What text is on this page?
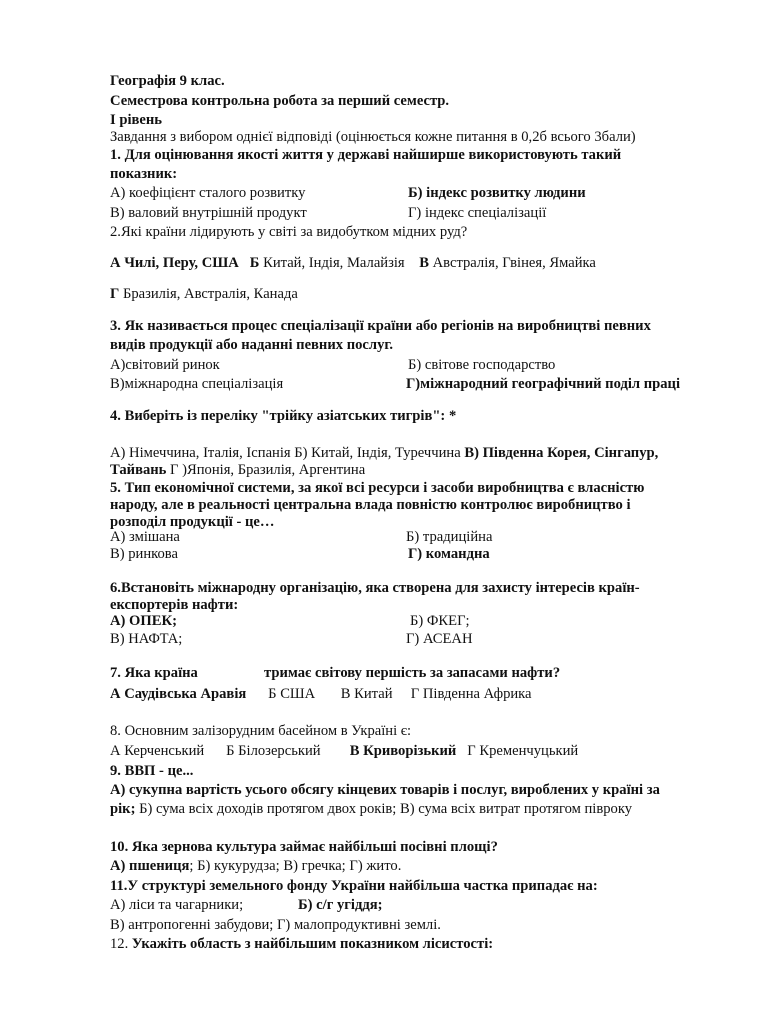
Географія 9 клас.
Семестрова контрольна робота за перший семестр.
І рівень
Завдання з вибором однієї відповіді (оцінюється кожне питання в 0,2б всього 3бали)
1. Для оцінювання якості життя у державі найширше використовують такий
показник:
А) коефіцієнт сталого розвитку	Б) індекс розвитку людини
В) валовий внутрішній продукт	Г) індекс спеціалізації
2.Які країни лідирують у світі за видобутком мідних руд?
А Чилі, Перу, США Б Китай, Індія, Малайзія В Австралія, Гвінея, Ямайка
Г Бразилія, Австралія, Канада
3. Як називається процес спеціалізації країни або регіонів на виробництві певних
видів продукції або наданні певних послуг.
А)світовий ринок	Б) світове господарство
В)міжнародна спеціалізація	Г)міжнародний географічний поділ праці
4. Виберіть із переліку "трійку азіатських тигрів": *
А) Німеччина, Італія, Іспанія Б) Китай, Індія, Туреччина В) Південна Корея, Сінгапур,
Тайвань Г )Японія, Бразилія, Аргентина
5. Тип економічної системи, за якої всі ресурси і засоби виробництва є власністю
народу, але в реальності центральна влада повністю контролює виробництво і
розподіл продукції - це…
А) змішана	Б) традиційна
В) ринкова	Г) командна
6.Встановіть міжнародну організацію, яка створена для захисту інтересів країн-
експортерів нафти:
А) ОПЕК;	Б) ФКЕГ;
В) НАФТА;	Г) АСЕАН
7. Яка країна	тримає світову першість за запасами нафти?
А Саудівська Аравія Б США В Китай Г Південна Африка
8. Основним залізорудним басейном в Україні є:
А Керченський Б Білозерський В Криворізький Г Кременчуцький
9. ВВП - це...
А) сукупна вартість усього обсягу кінцевих товарів і послуг, вироблених у країні за
рік; Б) сума всіх доходів протягом двох років; В) сума всіх витрат протягом півроку
10. Яка зернова культура займає найбільші посівні площі?
А) пшениця; Б) кукурудза; В) гречка; Г) жито.
11.У структурі земельного фонду України найбільша частка припадає на:
А) ліси та чагарники;	Б) с/г угіддя;
В) антропогенні забудови; Г) малопродуктивні землі.
12. Укажіть область з найбільшим показником лісистості:
